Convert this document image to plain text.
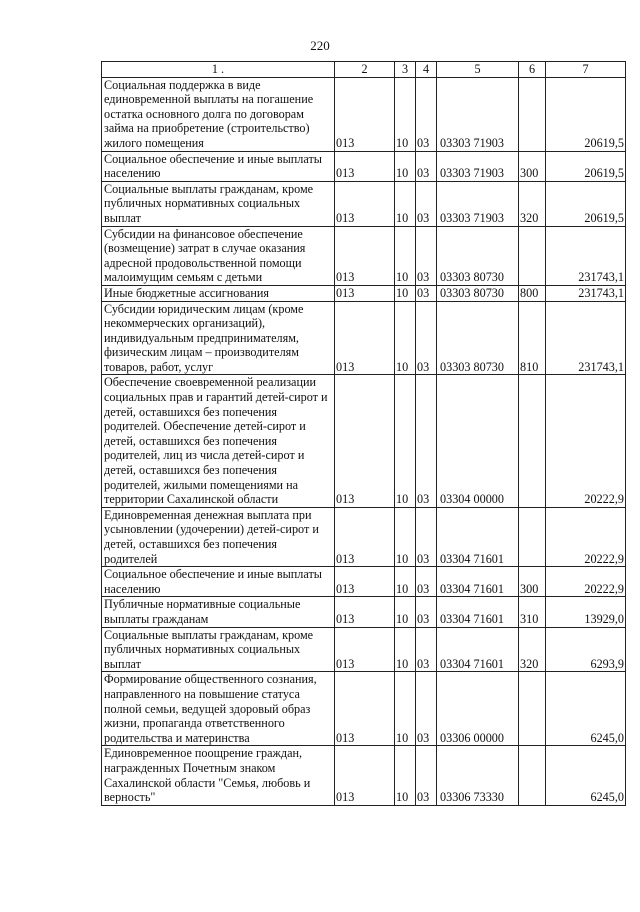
220
1 .	2	3	4	5	6	7
Социальная поддержка в виде единовременной выплаты на погашение остатка основного долга по договорам займа на приобретение (строительство) жилого помещения	013	10	03	03303 71903		20619,5
Социальное обеспечение и иные выплаты населению	013	10	03	03303 71903	300	20619,5
Социальные выплаты гражданам, кроме публичных нормативных социальных выплат	013	10	03	03303 71903	320	20619,5
Субсидии на финансовое обеспечение (возмещение) затрат в случае оказания адресной продовольственной помощи малоимущим семьям с детьми	013	10	03	03303 80730		231743,1
Иные бюджетные ассигнования	013	10	03	03303 80730	800	231743,1
Субсидии юридическим лицам (кроме некоммерческих организаций), индивидуальным предпринимателям, физическим лицам – производителям товаров, работ, услуг	013	10	03	03303 80730	810	231743,1
Обеспечение своевременной реализации социальных прав и гарантий детей-сирот и детей, оставшихся без попечения родителей. Обеспечение детей-сирот и детей, оставшихся без попечения родителей, лиц из числа детей-сирот и детей, оставшихся без попечения родителей, жилыми помещениями на территории Сахалинской области	013	10	03	03304 00000		20222,9
Единовременная денежная выплата при усыновлении (удочерении) детей-сирот и детей, оставшихся без попечения родителей	013	10	03	03304 71601		20222,9
Социальное обеспечение и иные выплаты населению	013	10	03	03304 71601	300	20222,9
Публичные нормативные социальные выплаты гражданам	013	10	03	03304 71601	310	13929,0
Социальные выплаты гражданам, кроме публичных нормативных социальных выплат	013	10	03	03304 71601	320	6293,9
Формирование общественного сознания, направленного на повышение статуса полной семьи, ведущей здоровый образ жизни, пропаганда ответственного родительства и материнства	013	10	03	03306 00000		6245,0
Единовременное поощрение граждан, награжденных Почетным знаком Сахалинской области "Семья, любовь и верность"	013	10	03	03306 73330		6245,0
